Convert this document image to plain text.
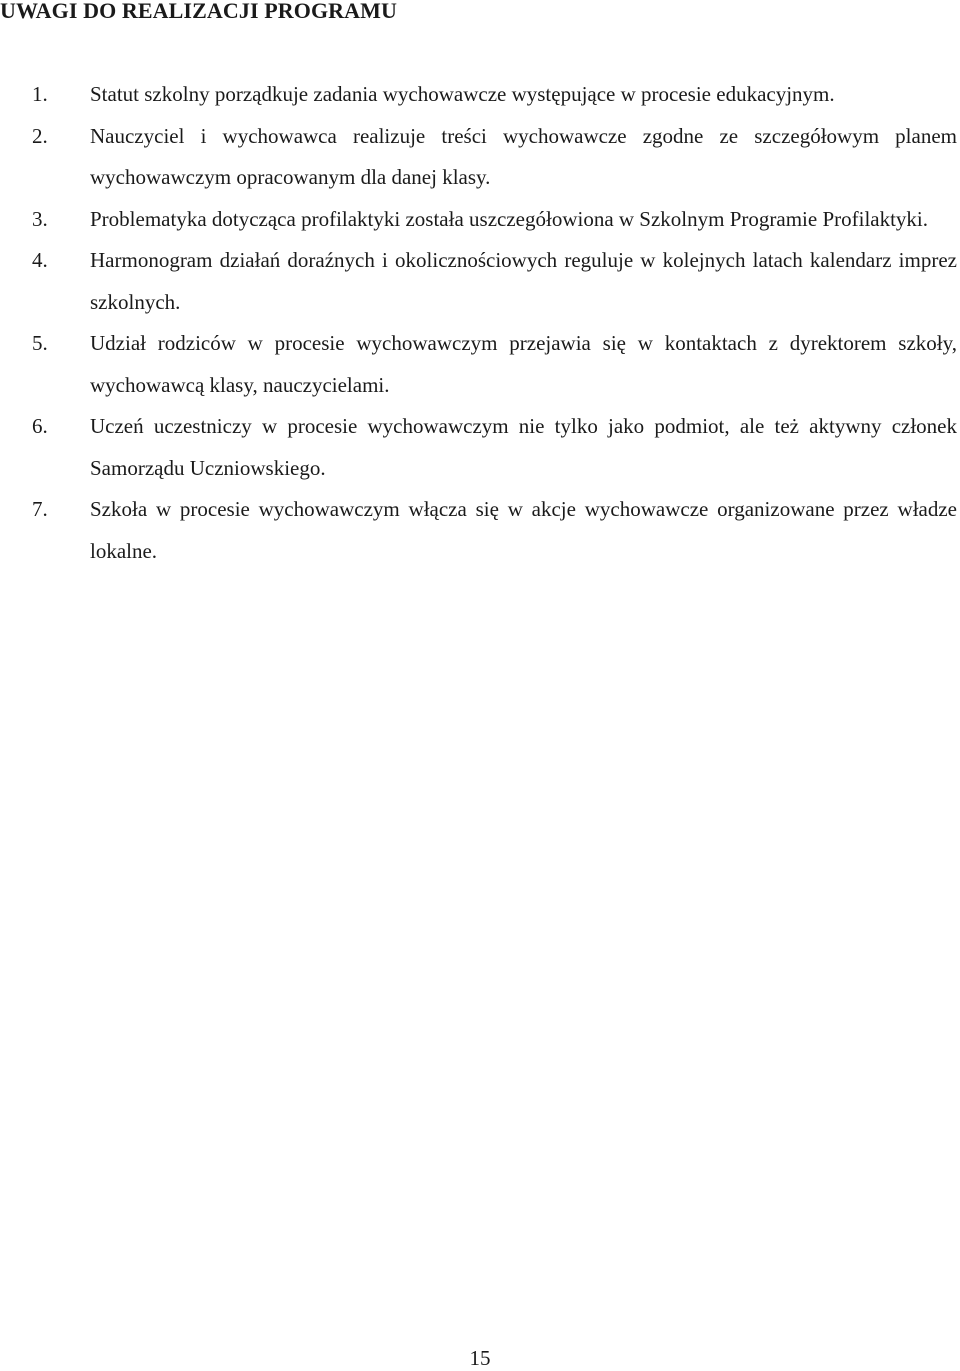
UWAGI DO REALIZACJI PROGRAMU
1. Statut szkolny porządkuje zadania wychowawcze występujące w procesie edukacyjnym.
2. Nauczyciel i wychowawca realizuje treści wychowawcze zgodne ze szczegółowym planem wychowawczym opracowanym dla danej klasy.
3. Problematyka dotycząca profilaktyki została uszczegółowiona w Szkolnym Programie Profilaktyki.
4. Harmonogram działań doraźnych i okolicznościowych reguluje w kolejnych latach kalendarz imprez szkolnych.
5. Udział rodziców w procesie wychowawczym przejawia się w kontaktach z dyrektorem szkoły, wychowawcą klasy, nauczycielami.
6. Uczeń uczestniczy w procesie wychowawczym nie tylko jako podmiot, ale też aktywny członek Samorządu Uczniowskiego.
7. Szkoła w procesie wychowawczym włącza się w akcje wychowawcze organizowane przez władze lokalne.
15
